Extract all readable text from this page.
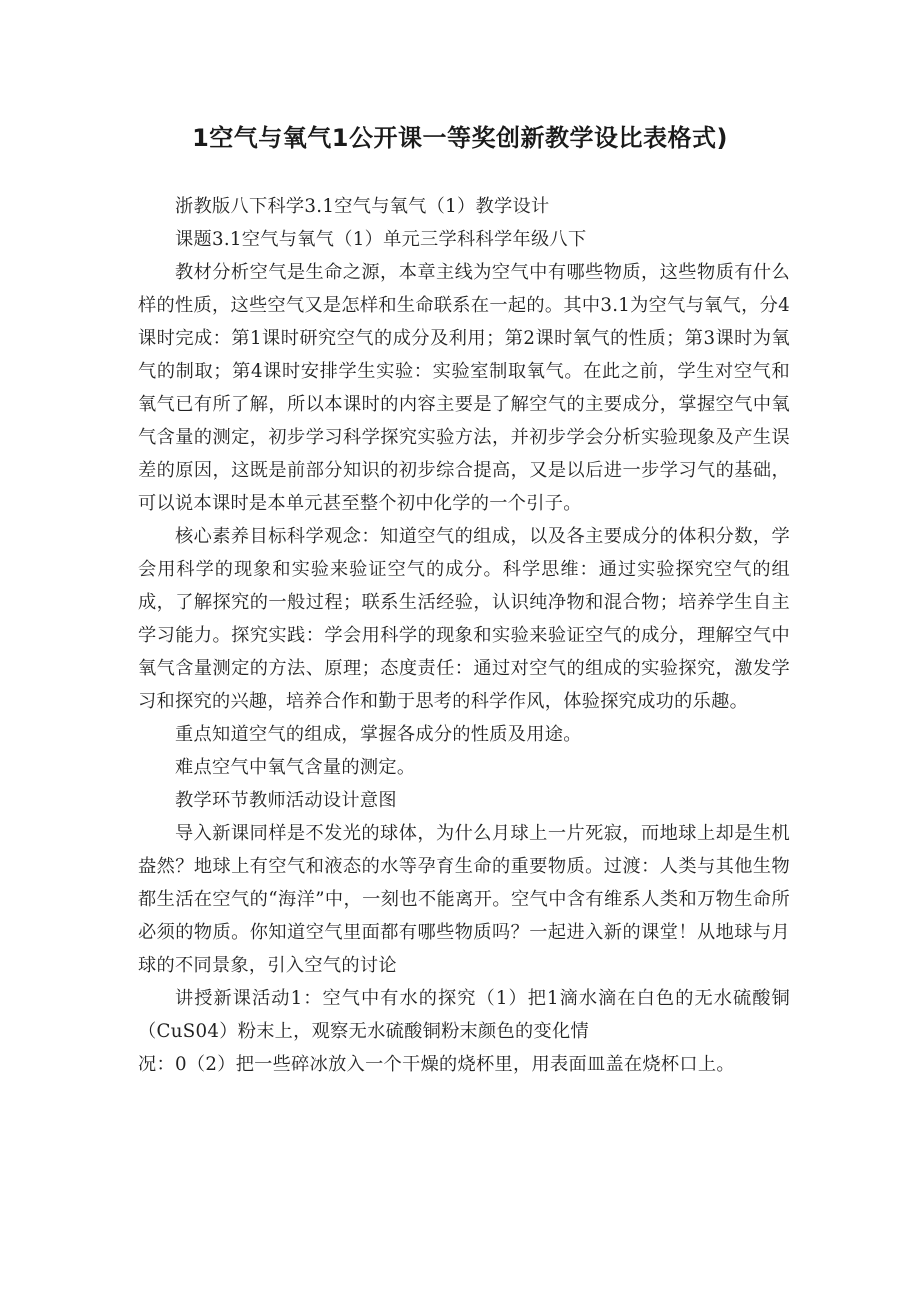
1空气与氧气1公开课一等奖创新教学设比表格式)

浙教版八下科学3.1空气与氧气（1）教学设计

课题3.1空气与氧气（1）单元三学科科学年级八下

教材分析空气是生命之源，本章主线为空气中有哪些物质，这些物质有什么样的性质，这些空气又是怎样和生命联系在一起的。其中3.1为空气与氧气，分4课时完成：第1课时研究空气的成分及利用；第2课时氧气的性质；第3课时为氧气的制取；第4课时安排学生实验：实验室制取氧气。在此之前，学生对空气和氧气已有所了解，所以本课时的内容主要是了解空气的主要成分，掌握空气中氧气含量的测定，初步学习科学探究实验方法，并初步学会分析实验现象及产生误差的原因，这既是前部分知识的初步综合提高，又是以后进一步学习气的基础，可以说本课时是本单元甚至整个初中化学的一个引子。

核心素养目标科学观念：知道空气的组成，以及各主要成分的体积分数，学会用科学的现象和实验来验证空气的成分。科学思维：通过实验探究空气的组成，了解探究的一般过程；联系生活经验，认识纯净物和混合物；培养学生自主学习能力。探究实践：学会用科学的现象和实验来验证空气的成分，理解空气中氧气含量测定的方法、原理；态度责任：通过对空气的组成的实验探究，激发学习和探究的兴趣，培养合作和勤于思考的科学作风，体验探究成功的乐趣。

重点知道空气的组成，掌握各成分的性质及用途。

难点空气中氧气含量的测定。

教学环节教师活动设计意图

导入新课同样是不发光的球体，为什么月球上一片死寂，而地球上却是生机盎然？地球上有空气和液态的水等孕育生命的重要物质。过渡：人类与其他生物都生活在空气的“海洋”中，一刻也不能离开。空气中含有维系人类和万物生命所必须的物质。你知道空气里面都有哪些物质吗？一起进入新的课堂！从地球与月球的不同景象，引入空气的讨论

讲授新课活动1：空气中有水的探究（1）把1滴水滴在白色的无水硫酸铜（CuS04）粉末上，观察无水硫酸铜粉末颜色的变化情

况：0（2）把一些碎冰放入一个干燥的烧杯里，用表面皿盖在烧杯口上。
